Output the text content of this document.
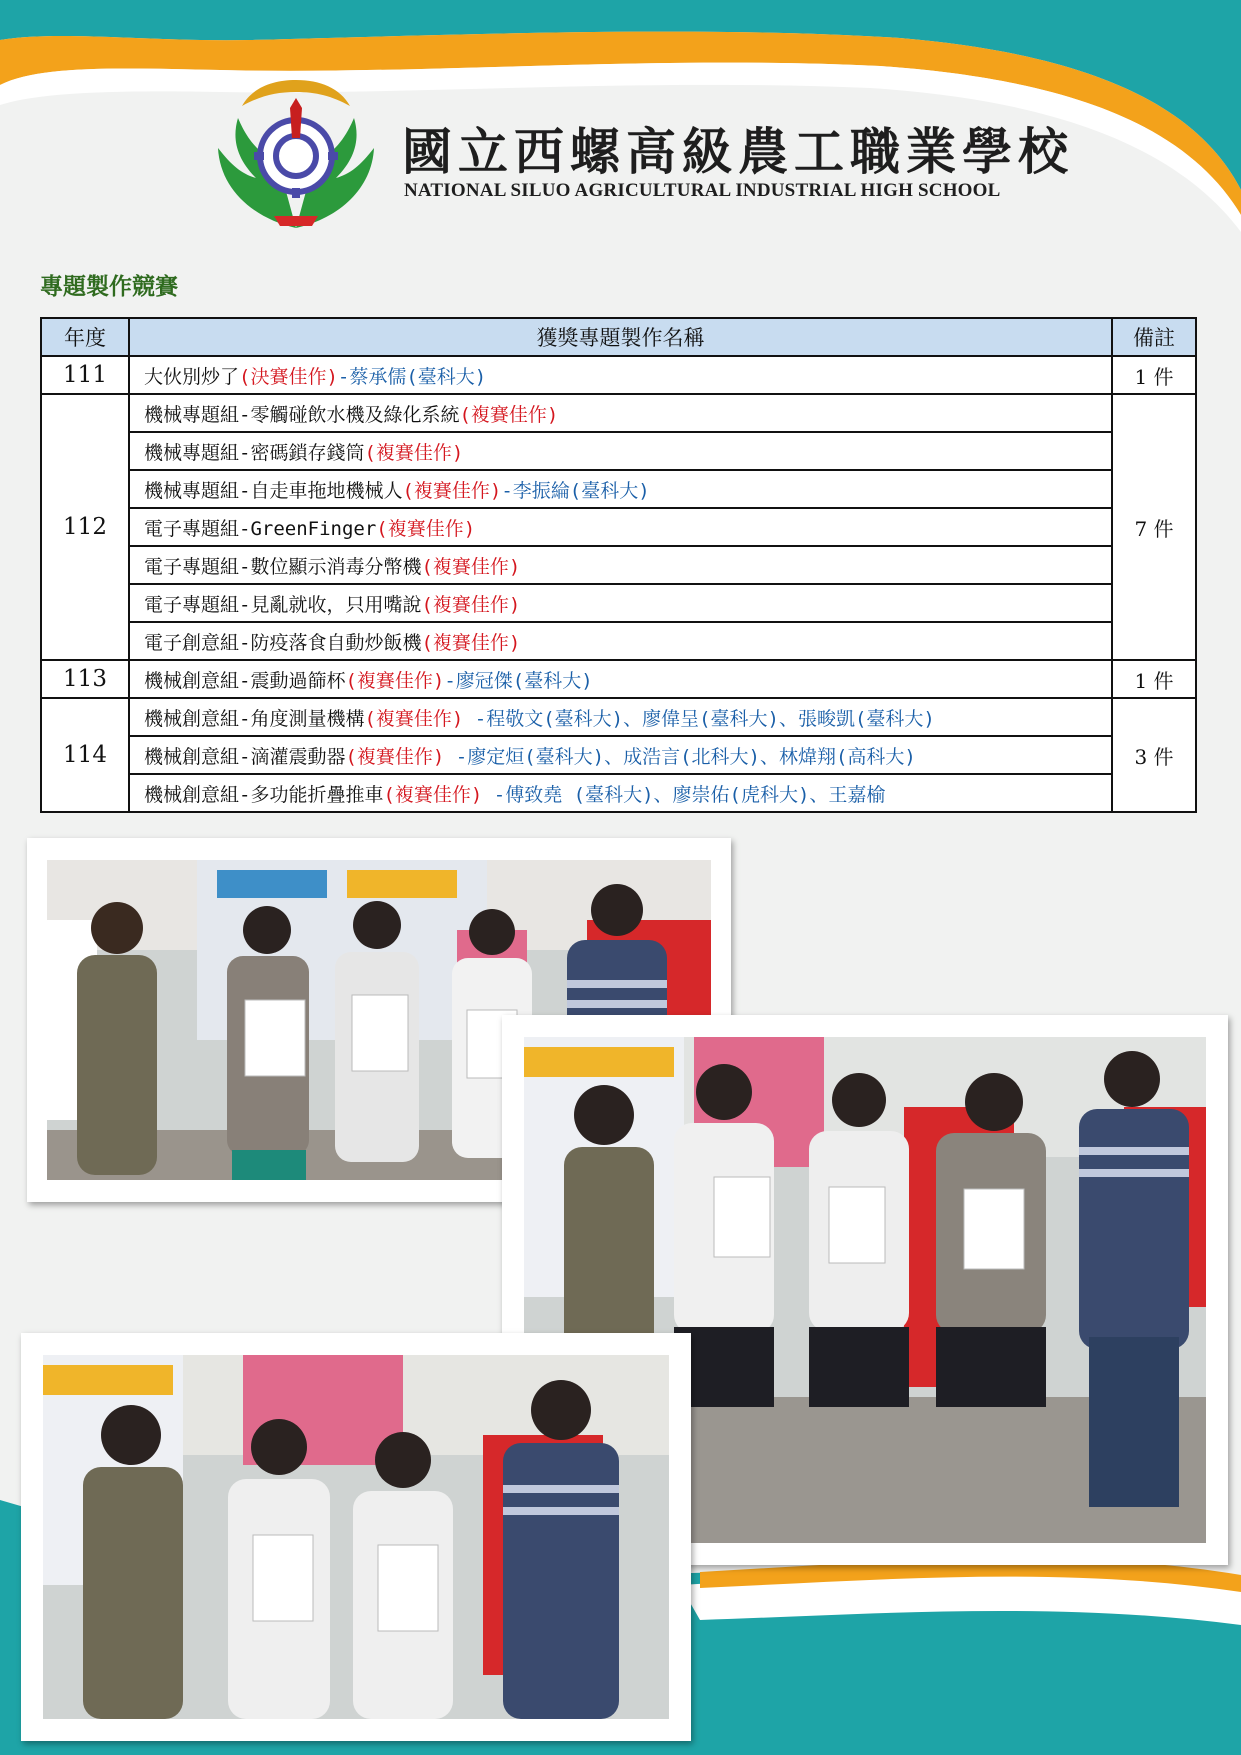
國立西螺高級農工職業學校
NATIONAL SILUO AGRICULTURAL INDUSTRIAL HIGH SCHOOL
專題製作競賽
年度	獲獎專題製作名稱	備註
111	大伙別炒了(決賽佳作)-蔡承儒(臺科大)	1 件
112	機械專題組-零觸碰飲水機及綠化系統(複賽佳作)	7 件
	機械專題組-密碼鎖存錢筒(複賽佳作)	
	機械專題組-自走車拖地機械人(複賽佳作)-李振綸(臺科大)	
	電子專題組-GreenFinger(複賽佳作)	
	電子專題組-數位顯示消毒分幣機(複賽佳作)	
	電子專題組-見亂就收，只用嘴說(複賽佳作)	
	電子創意組-防疫落食自動炒飯機(複賽佳作)	
113	機械創意組-震動過篩杯(複賽佳作)-廖冠傑(臺科大)	1 件
114	機械創意組-角度測量機構(複賽佳作) -程敬文(臺科大)、廖偉呈(臺科大)、張畯凱(臺科大)	3 件
	機械創意組-滴灌震動器(複賽佳作) -廖定烜(臺科大)、成浩言(北科大)、林煒翔(高科大)	
	機械創意組-多功能折疊推車(複賽佳作) -傅致堯 (臺科大)、廖崇佑(虎科大)、王嘉榆	
